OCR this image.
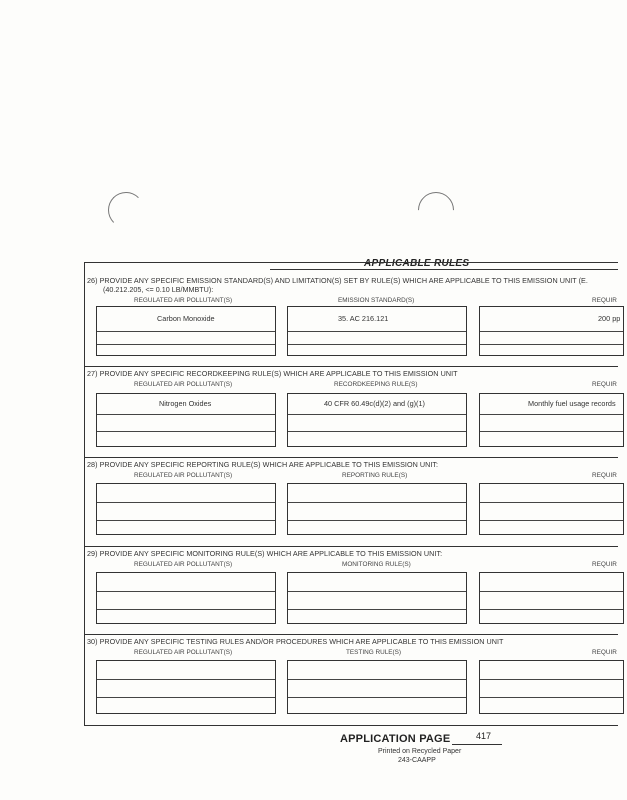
APPLICABLE RULES
26) PROVIDE ANY SPECIFIC EMISSION STANDARD(S) AND LIMITATION(S) SET BY RULE(S) WHICH ARE APPLICABLE TO THIS EMISSION UNIT (E.
(40.212.205, <= 0.10 LB/MMBTU):
REGULATED AIR POLLUTANT(S)	EMISSION STANDARD(S)	REQUIR
Carbon Monoxide	35. AC 216.121	200 pp
27) PROVIDE ANY SPECIFIC RECORDKEEPING RULE(S) WHICH ARE APPLICABLE TO THIS EMISSION UNIT
REGULATED AIR POLLUTANT(S)	RECORDKEEPING RULE(S)	REQUIR
Nitrogen Oxides	40 CFR 60.49c(d)(2) and (g)(1)	Monthly fuel usage records
28) PROVIDE ANY SPECIFIC REPORTING RULE(S) WHICH ARE APPLICABLE TO THIS EMISSION UNIT:
REGULATED AIR POLLUTANT(S)	REPORTING RULE(S)	REQUIR
29) PROVIDE ANY SPECIFIC MONITORING RULE(S) WHICH ARE APPLICABLE TO THIS EMISSION UNIT:
REGULATED AIR POLLUTANT(S)	MONITORING RULE(S)	REQUIR
30) PROVIDE ANY SPECIFIC TESTING RULES AND/OR PROCEDURES WHICH ARE APPLICABLE TO THIS EMISSION UNIT
REGULATED AIR POLLUTANT(S)	TESTING RULE(S)	REQUIR
APPLICATION PAGE	417
Printed on Recycled Paper
243-CAAPP
